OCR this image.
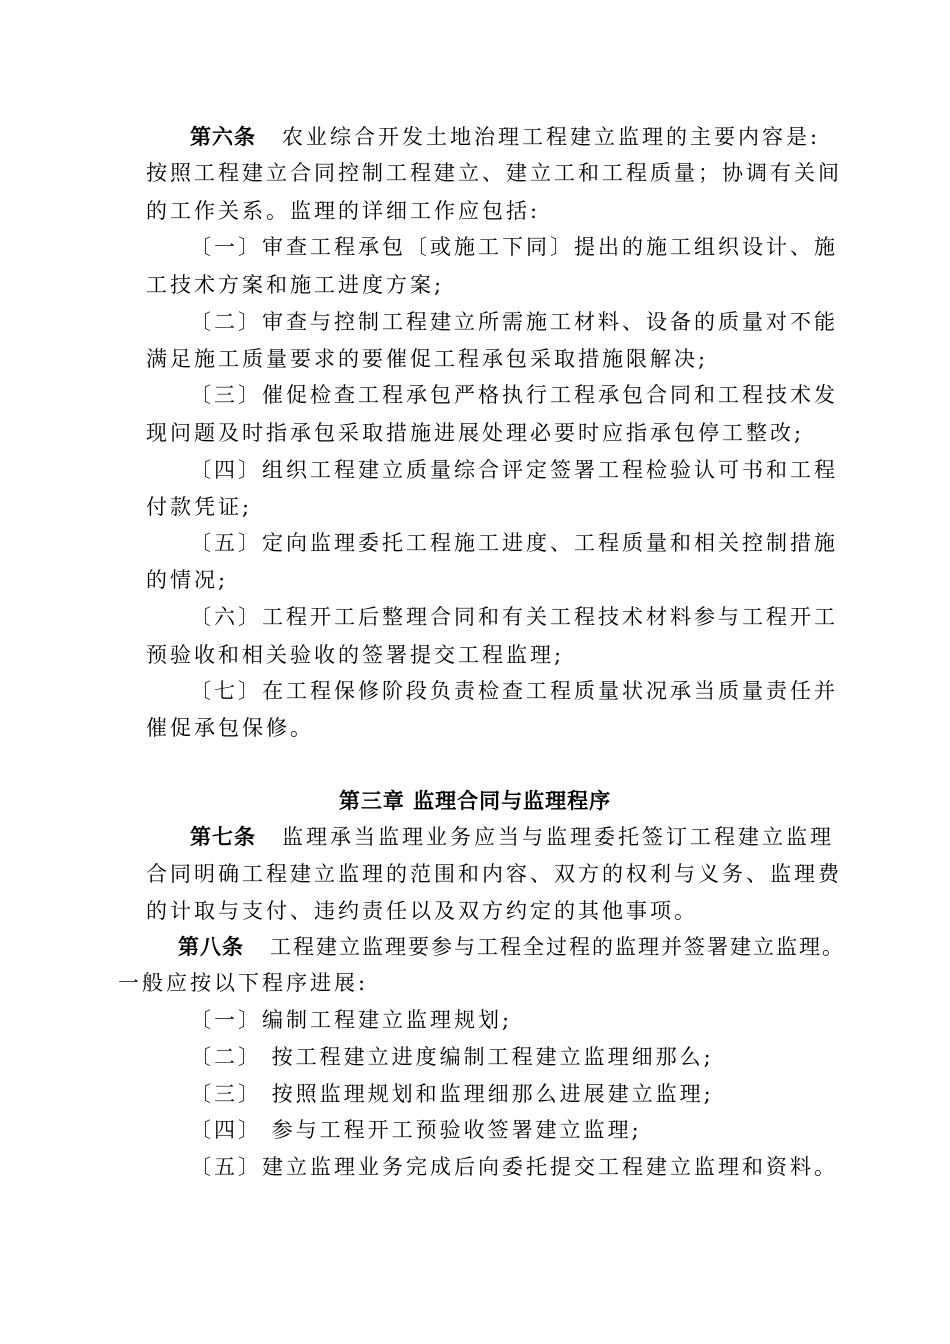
第六条 农业综合开发土地治理工程建立监理的主要内容是:
按照工程建立合同控制工程建立、建立工和工程质量；协调有关间
的工作关系。监理的详细工作应包括:
〔一〕审查工程承包〔或施工下同〕提出的施工组织设计、施
工技术方案和施工进度方案;
〔二〕审查与控制工程建立所需施工材料、设备的质量对不能
满足施工质量要求的要催促工程承包采取措施限解决;
〔三〕催促检查工程承包严格执行工程承包合同和工程技术发
现问题及时指承包采取措施进展处理必要时应指承包停工整改;
〔四〕组织工程建立质量综合评定签署工程检验认可书和工程
付款凭证;
〔五〕定向监理委托工程施工进度、工程质量和相关控制措施
的情况;
〔六〕工程开工后整理合同和有关工程技术材料参与工程开工
预验收和相关验收的签署提交工程监理;
〔七〕在工程保修阶段负责检查工程质量状况承当质量责任并
催促承包保修。
第三章 监理合同与监理程序
第七条 监理承当监理业务应当与监理委托签订工程建立监理
合同明确工程建立监理的范围和内容、双方的权利与义务、监理费
的计取与支付、违约责任以及双方约定的其他事项。
第八条 工程建立监理要参与工程全过程的监理并签署建立监理。
一般应按以下程序进展:
〔一〕编制工程建立监理规划;
〔二〕 按工程建立进度编制工程建立监理细那么;
〔三〕 按照监理规划和监理细那么进展建立监理;
〔四〕 参与工程开工预验收签署建立监理;
〔五〕建立监理业务完成后向委托提交工程建立监理和资料。
